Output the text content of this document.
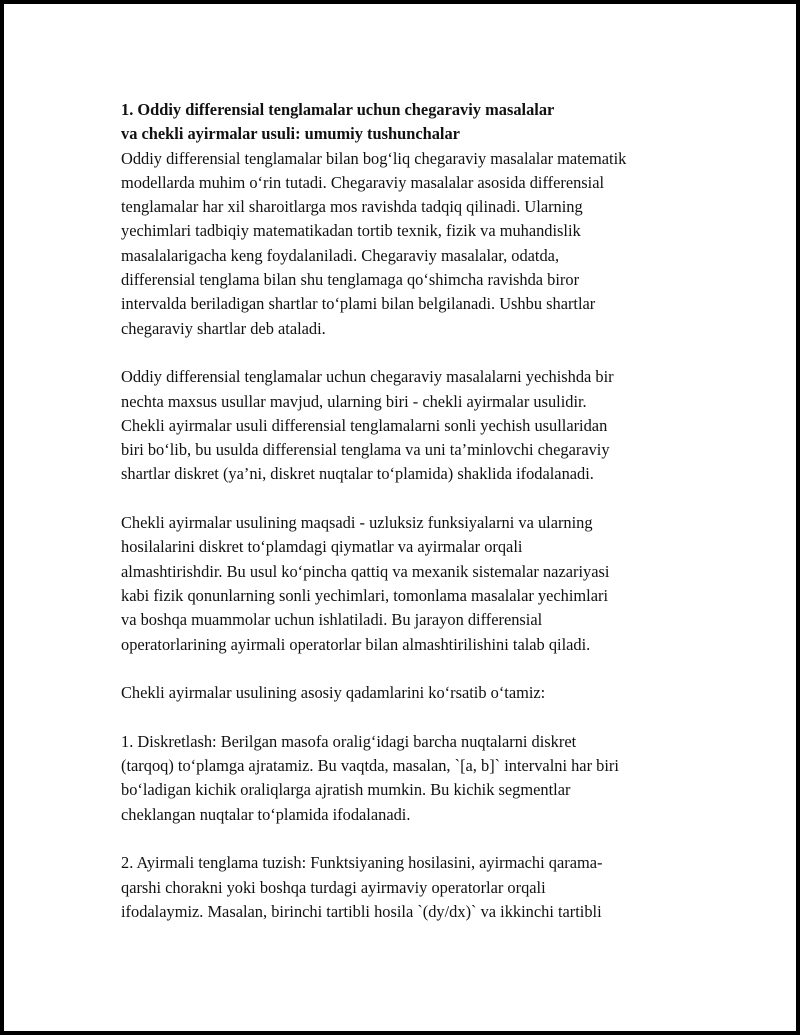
1. Oddiy differensial tenglamalar uchun chegaraviy masalalar
va chekli ayirmalar usuli: umumiy tushunchalar

Oddiy differensial tenglamalar bilan bog‘liq chegaraviy masalalar matematik
modellarda muhim o‘rin tutadi. Chegaraviy masalalar asosida differensial
tenglamalar har xil sharoitlarga mos ravishda tadqiq qilinadi. Ularning
yechimlari tadbiqiy matematikadan tortib texnik, fizik va muhandislik
masalalarigacha keng foydalaniladi. Chegaraviy masalalar, odatda,
differensial tenglama bilan shu tenglamaga qo‘shimcha ravishda biror
intervalda beriladigan shartlar to‘plami bilan belgilanadi. Ushbu shartlar
chegaraviy shartlar deb ataladi.

Oddiy differensial tenglamalar uchun chegaraviy masalalarni yechishda bir
nechta maxsus usullar mavjud, ularning biri - chekli ayirmalar usulidir.
Chekli ayirmalar usuli differensial tenglamalarni sonli yechish usullaridan
biri bo‘lib, bu usulda differensial tenglama va uni ta’minlovchi chegaraviy
shartlar diskret (ya’ni, diskret nuqtalar to‘plamida) shaklida ifodalanadi.

Chekli ayirmalar usulining maqsadi - uzluksiz funksiyalarni va ularning
hosilalarini diskret to‘plamdagi qiymatlar va ayirmalar orqali
almashtirishdir. Bu usul ko‘pincha qattiq va mexanik sistemalar nazariyasi
kabi fizik qonunlarning sonli yechimlari, tomonlama masalalar yechimlari
va boshqa muammolar uchun ishlatiladi. Bu jarayon differensial
operatorlarining ayirmali operatorlar bilan almashtirilishini talab qiladi.

Chekli ayirmalar usulining asosiy qadamlarini ko‘rsatib o‘tamiz:

1. Diskretlash: Berilgan masofa oralig‘idagi barcha nuqtalarni diskret
(tarqoq) to‘plamga ajratamiz. Bu vaqtda, masalan, `[a, b]` intervalni har biri
bo‘ladigan kichik oraliqlarga ajratish mumkin. Bu kichik segmentlar
cheklangan nuqtalar to‘plamida ifodalanadi.

2. Ayirmali tenglama tuzish: Funktsiyaning hosilasini, ayirmachi qarama-
qarshi chorakni yoki boshqa turdagi ayirmaviy operatorlar orqali
ifodalaymiz. Masalan, birinchi tartibli hosila `(dy/dx)` va ikkinchi tartibli
